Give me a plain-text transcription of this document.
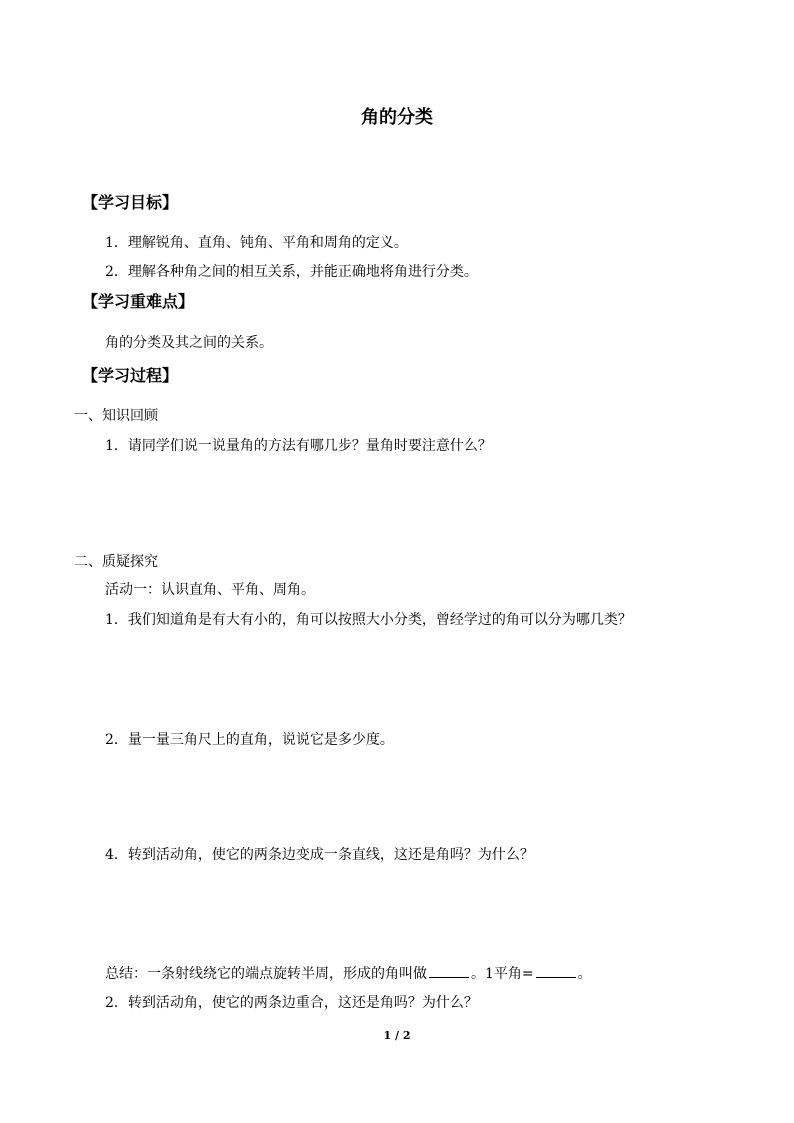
角的分类
【学习目标】
1．理解锐角、直角、钝角、平角和周角的定义。
2．理解各种角之间的相互关系，并能正确地将角进行分类。
【学习重难点】
角的分类及其之间的关系。
【学习过程】
一、知识回顾
1．请同学们说一说量角的方法有哪几步？量角时要注意什么？
二、质疑探究
活动一：认识直角、平角、周角。
1．我们知道角是有大有小的，角可以按照大小分类，曾经学过的角可以分为哪几类？
2．量一量三角尺上的直角，说说它是多少度。
4．转到活动角，使它的两条边变成一条直线，这还是角吗？为什么？
总结：一条射线绕它的端点旋转半周，形成的角叫做	。1平角=	。
2．转到活动角，使它的两条边重合，这还是角吗？为什么？
1 / 2
